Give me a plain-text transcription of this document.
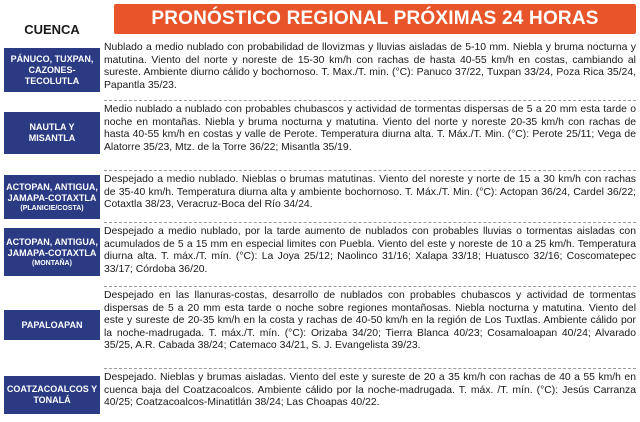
CUENCA
PRONÓSTICO REGIONAL PRÓXIMAS 24 HORAS
PÁNUCO, TUXPAN, CAZONES-TECOLUTLA
Nublado a medio nublado con probabilidad de llovizmas y lluvias aisladas de 5-10 mm. Niebla y bruma nocturna y matutina. Viento del norte y noreste de 15-30 km/h con rachas de hasta 40-55 km/h en costas, cambiando al sureste. Ambiente diurno cálido y bochornoso. T. Max./T. min. (°C): Panuco 37/22, Tuxpan 33/24, Poza Rica 35/24, Papantla 35/23.
NAUTLA Y MISANTLA
Medio nublado a nublado con probables chubascos y actividad de tormentas dispersas de 5 a 20 mm esta tarde o noche en montañas. Niebla y bruma nocturna y matutina. Viento del norte y noreste 20-35 km/h con rachas de hasta 40-55 km/h en costas y valle de Perote. Temperatura diurna alta. T. Máx./T. Min. (°C): Perote 25/11; Vega de Alatorre 35/23, Mtz. de la Torre 36/22; Misantla 35/19.
ACTOPAN, ANTIGUA, JAMAPA-COTAXTLA
(PLANICIE/COSTA)
Despejado a medio nublado. Nieblas o brumas matutinas. Viento del noreste y norte de 15 a 30 km/h con rachas de 35-40 km/h. Temperatura diurna alta y ambiente bochornoso. T. Máx./T. Min. (°C): Actopan 36/24, Cardel 36/22; Cotaxtla 38/23, Veracruz-Boca del Río 34/24.
ACTOPAN, ANTIGUA, JAMAPA-COTAXTLA
(MONTAÑA)
Despejado a medio nublado, por la tarde aumento de nublados con probables lluvias o tormentas aisladas con acumulados de 5 a 15 mm en especial limites con Puebla. Viento del este y noreste de 10 a 25 km/h. Temperatura diurna alta. T. máx./T. mín. (°C): La Joya 25/12; Naolinco 31/16; Xalapa 33/18; Huatusco 32/16; Coscomatepec 33/17; Córdoba 36/20.
PAPALOAPAN
Despejado en las llanuras-costas, desarrollo de nublados con probables chubascos y actividad de tormentas dispersas de 5 a 20 mm esta tarde o noche sobre regiones montañosas. Niebla nocturna y matutina. Viento del este y sureste de 20-35 km/h en la costa y rachas de 40-50 km/h en la región de Los Tuxtlas. Ambiente cálido por la noche-madrugada. T. máx./T. mín. (°C): Orizaba 34/20; Tierra Blanca 40/23; Cosamaloapan 40/24; Alvarado 35/25, A.R. Cabada 38/24; Catemaco 34/21, S. J. Evangelista 39/23.
COATZACOALCOS Y TONALÁ
Despejado. Nieblas y brumas aisladas. Viento del este y sureste de 20 a 35 km/h con rachas de 40 a 55 km/h en cuenca baja del Coatzacoalcos. Ambiente cálido por la noche-madrugada. T. máx. /T. mín. (°C): Jesús Carranza 40/25; Coatzacoalcos-Minatitlán 38/24; Las Choapas 40/22.
